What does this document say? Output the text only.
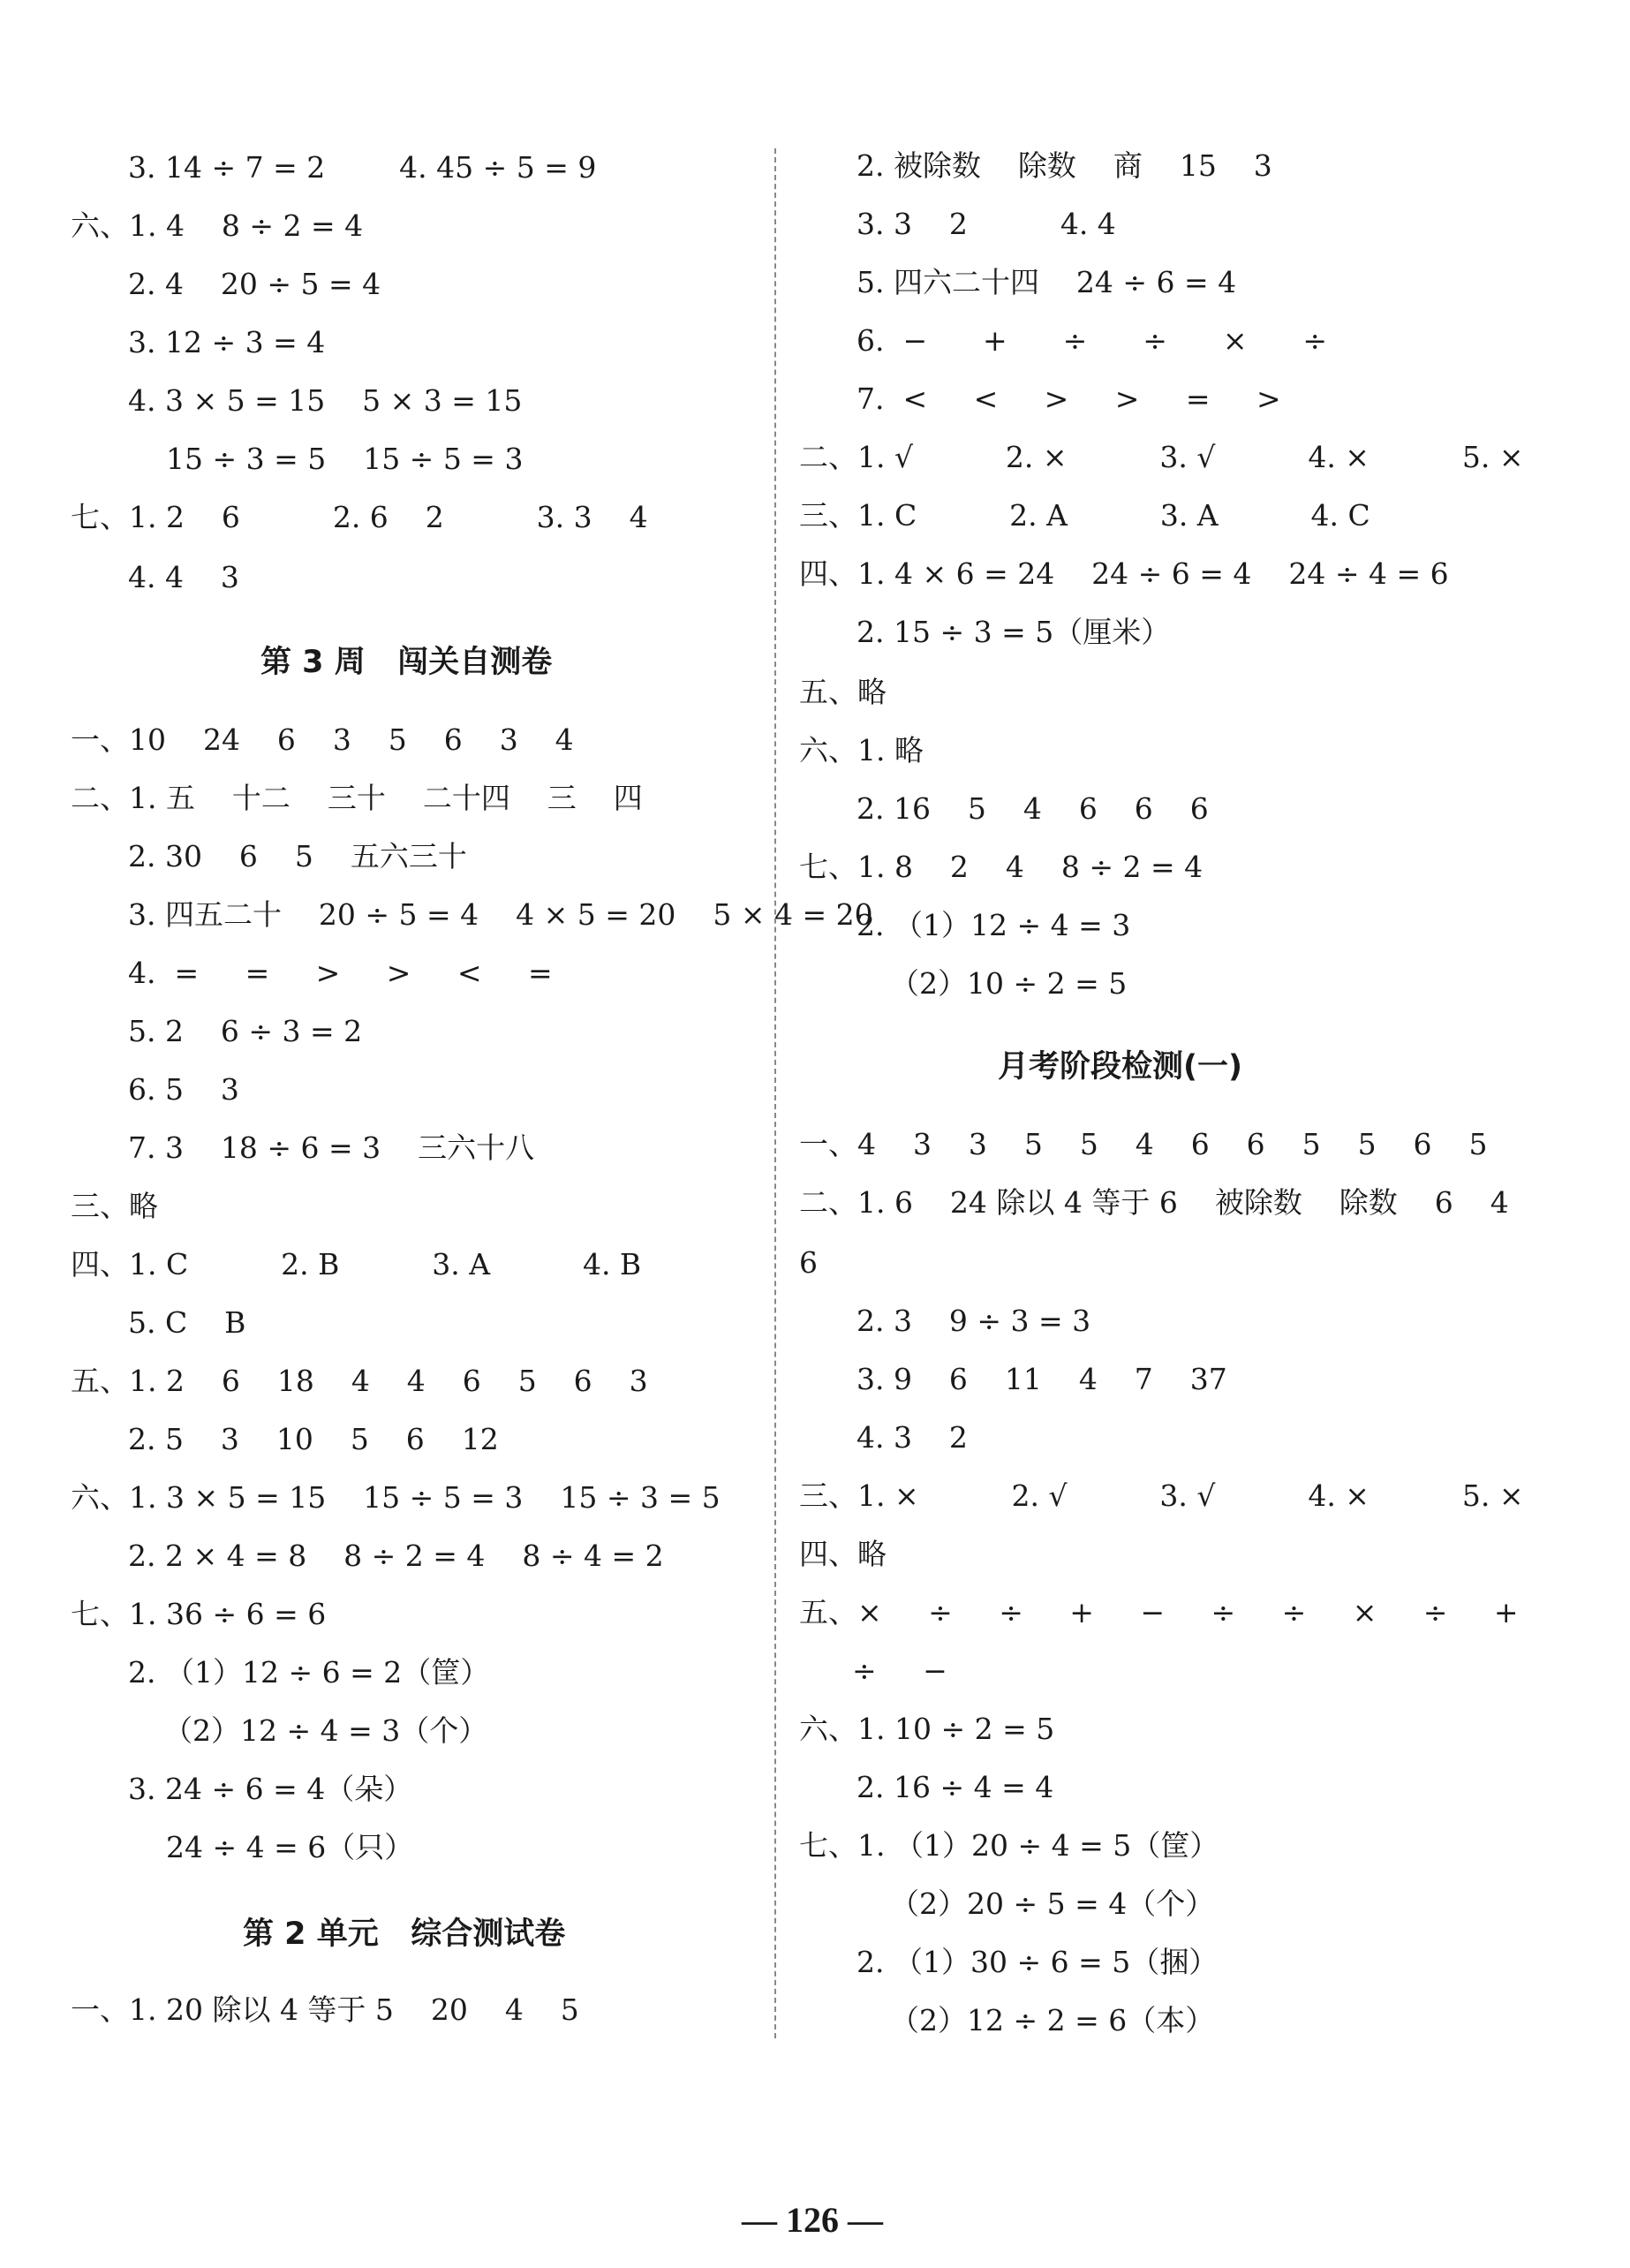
3. 14 ÷ 7 = 2        4. 45 ÷ 5 = 9
六、1. 4    8 ÷ 2 = 4
2. 4    20 ÷ 5 = 4
3. 12 ÷ 3 = 4
4. 3 × 5 = 15    5 × 3 = 15
15 ÷ 3 = 5    15 ÷ 5 = 3
七、1. 2    6          2. 6    2          3. 3    4
4. 4    3
第 3 周   闯关自测卷
一、10    24    6    3    5    6    3    4
二、1. 五    十二    三十    二十四    三    四
2. 30    6    5    五六三十
3. 四五二十    20 ÷ 5 = 4    4 × 5 = 20    5 × 4 = 20
4.  =     =     >     >     <     =
5. 2    6 ÷ 3 = 2
6. 5    3
7. 3    18 ÷ 6 = 3    三六十八
三、略
四、1. C          2. B          3. A          4. B
5. C    B
五、1. 2    6    18    4    4    6    5    6    3
2. 5    3    10    5    6    12
六、1. 3 × 5 = 15    15 ÷ 5 = 3    15 ÷ 3 = 5
2. 2 × 4 = 8    8 ÷ 2 = 4    8 ÷ 4 = 2
七、1. 36 ÷ 6 = 6
2. （1）12 ÷ 6 = 2（筐）
（2）12 ÷ 4 = 3（个）
3. 24 ÷ 6 = 4（朵）
24 ÷ 4 = 6（只）
第 2 单元   综合测试卷
一、1. 20 除以 4 等于 5    20    4    5
2. 被除数    除数    商    15    3
3. 3    2          4. 4
5. 四六二十四    24 ÷ 6 = 4
6.  −      +      ÷      ÷      ×      ÷
7.  <     <     >     >     =     >
二、1. √          2. ×          3. √          4. ×          5. ×
三、1. C          2. A          3. A          4. C
四、1. 4 × 6 = 24    24 ÷ 6 = 4    24 ÷ 4 = 6
2. 15 ÷ 3 = 5（厘米）
五、略
六、1. 略
2. 16    5    4    6    6    6
七、1. 8    2    4    8 ÷ 2 = 4
2. （1）12 ÷ 4 = 3
（2）10 ÷ 2 = 5
月考阶段检测(一)
一、4    3    3    5    5    4    6    6    5    5    6    5
二、1. 6    24 除以 4 等于 6    被除数    除数    6    4
6
2. 3    9 ÷ 3 = 3
3. 9    6    11    4    7    37
4. 3    2
三、1. ×          2. √          3. √          4. ×          5. ×
四、略
五、×     ÷     ÷     +     −     ÷     ÷     ×     ÷     +
÷     −
六、1. 10 ÷ 2 = 5
2. 16 ÷ 4 = 4
七、1. （1）20 ÷ 4 = 5（筐）
（2）20 ÷ 5 = 4（个）
2. （1）30 ÷ 6 = 5（捆）
（2）12 ÷ 2 = 6（本）
— 126 —
